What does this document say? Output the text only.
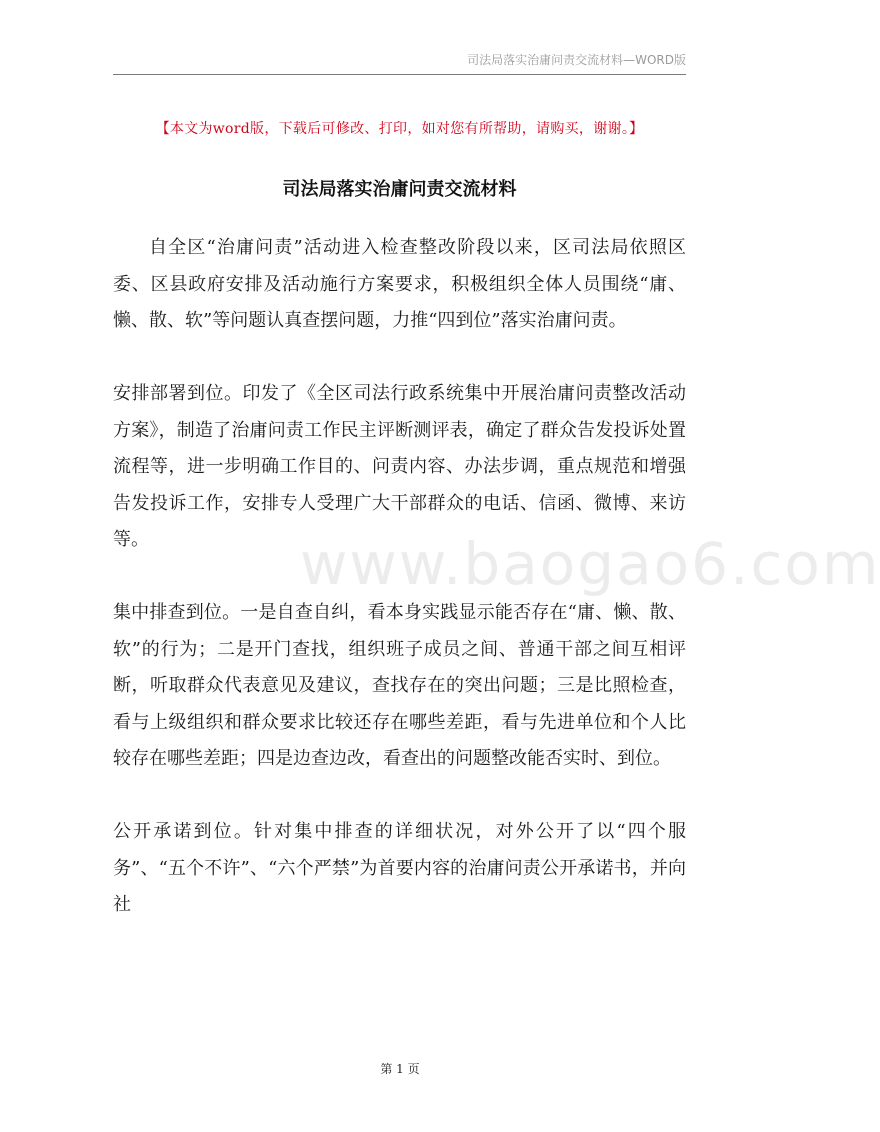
司法局落实治庸问责交流材料—WORD版
【本文为word版，下载后可修改、打印，如对您有所帮助，请购买，谢谢。】
司法局落实治庸问责交流材料
www.baogao6.com

自全区“治庸问责”活动进入检查整改阶段以来，区司法局依照区委、区县政府安排及活动施行方案要求，积极组织全体人员围绕“庸、懒、散、软”等问题认真查摆问题，力推“四到位”落实治庸问责。

安排部署到位。印发了《全区司法行政系统集中开展治庸问责整改活动方案》，制造了治庸问责工作民主评断测评表，确定了群众告发投诉处置流程等，进一步明确工作目的、问责内容、办法步调，重点规范和增强告发投诉工作，安排专人受理广大干部群众的电话、信函、微博、来访等。

集中排查到位。一是自查自纠，看本身实践显示能否存在“庸、懒、散、软”的行为；二是开门查找，组织班子成员之间、普通干部之间互相评断，听取群众代表意见及建议，查找存在的突出问题；三是比照检查，看与上级组织和群众要求比较还存在哪些差距，看与先进单位和个人比较存在哪些差距；四是边查边改，看查出的问题整改能否实时、到位。

公开承诺到位。针对集中排查的详细状况，对外公开了以“四个服务”、“五个不许”、“六个严禁”为首要内容的治庸问责公开承诺书，并向社

第 1 页
